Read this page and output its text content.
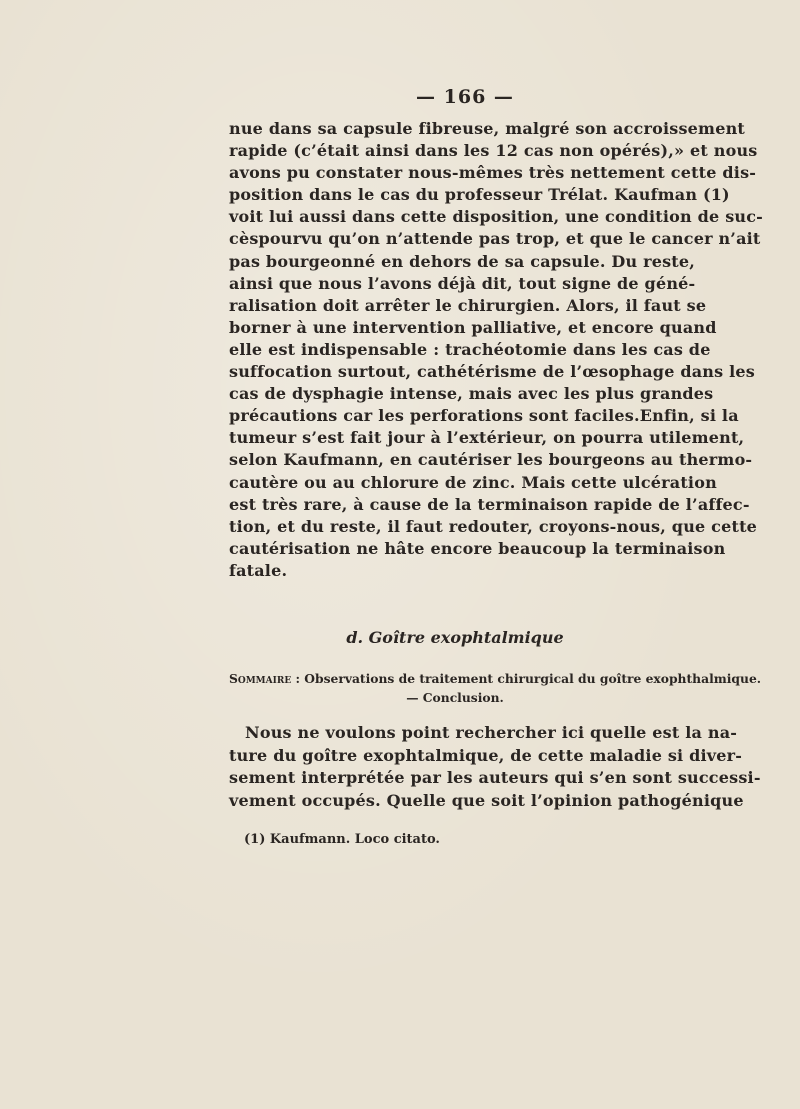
— 166 —
nue dans sa capsule fibreuse, malgré son accroissement
rapide (c’était ainsi dans les 12 cas non opérés),» et nous
avons pu constater nous-mêmes très nettement cette dis-
position dans le cas du professeur Trélat. Kaufman (1)
voit lui aussi dans cette disposition, une condition de suc-
cèspourvu qu’on n’attende pas trop, et que le cancer n’ait
pas bourgeonné en dehors de sa capsule. Du reste,
ainsi que nous l’avons déjà dit, tout signe de géné-
ralisation doit arrêter le chirurgien. Alors, il faut se
borner à une intervention palliative, et encore quand
elle est indispensable : trachéotomie dans les cas de
suffocation surtout, cathétérisme de l’œsophage dans les
cas de dysphagie intense, mais avec les plus grandes
précautions car les perforations sont faciles.Enfin, si la
tumeur s’est fait jour à l’extérieur, on pourra utilement,
selon Kaufmann, en cautériser les bourgeons au thermo-
cautère ou au chlorure de zinc. Mais cette ulcération
est très rare, à cause de la terminaison rapide de l’affec-
tion, et du reste, il faut redouter, croyons-nous, que cette
cautérisation ne hâte encore beaucoup la terminaison
fatale.
d. Goître exophtalmique
Sommaire : Observations de traitement chirurgical du goître exophthalmique.
— Conclusion.
Nous ne voulons point rechercher ici quelle est la na-
ture du goître exophtalmique, de cette maladie si diver-
sement interprétée par les auteurs qui s’en sont successi-
vement occupés. Quelle que soit l’opinion pathogénique
(1) Kaufmann. Loco citato.
